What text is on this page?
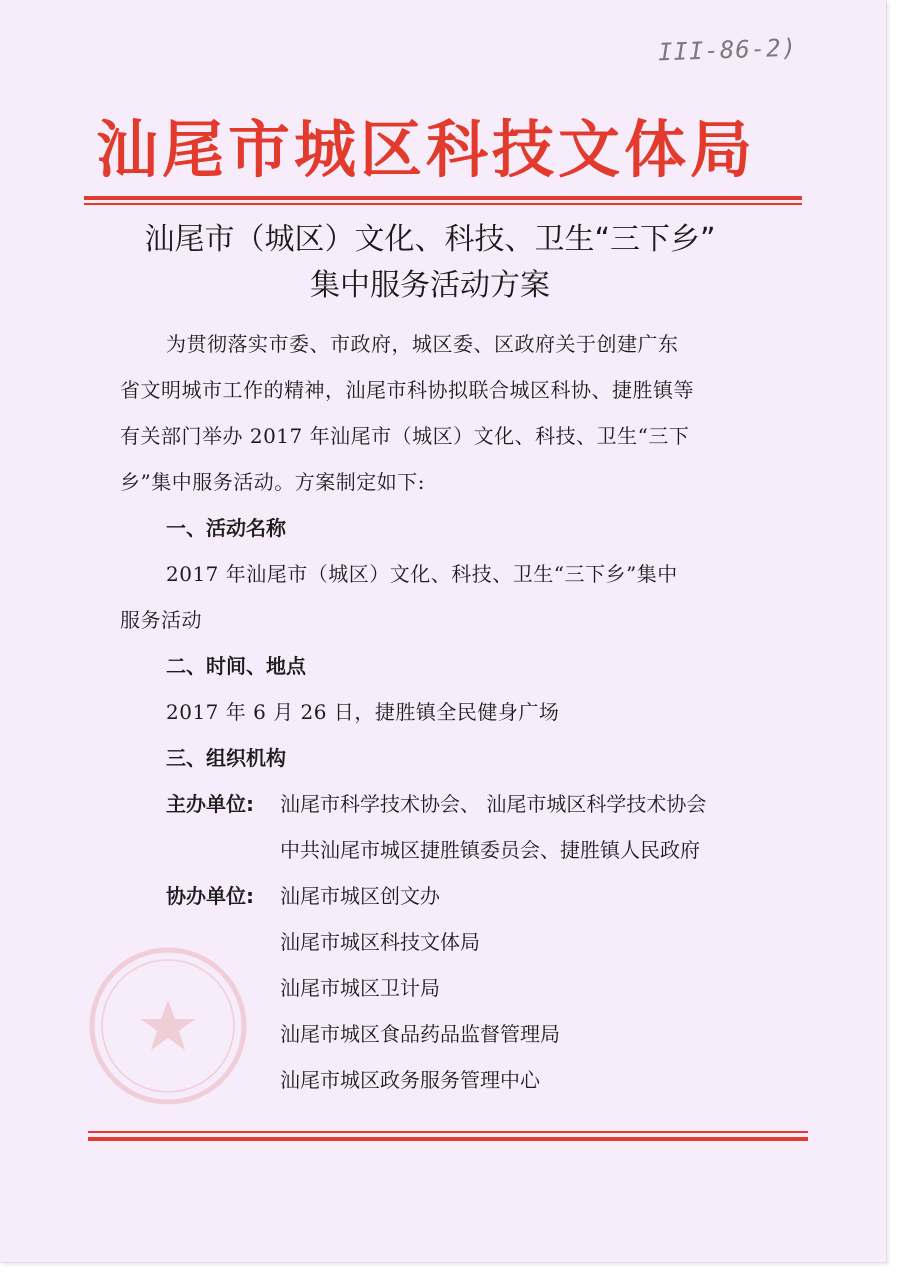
III-86-2)
汕尾市城区科技文体局
汕尾市（城区）文化、科技、卫生“三下乡”
集中服务活动方案
为贯彻落实市委、市政府，城区委、区政府关于创建广东
省文明城市工作的精神，汕尾市科协拟联合城区科协、捷胜镇等
有关部门举办 2017 年汕尾市（城区）文化、科技、卫生“三下
乡”集中服务活动。方案制定如下:
一、活动名称
2017 年汕尾市（城区）文化、科技、卫生“三下乡”集中
服务活动
二、时间、地点
2017 年 6 月 26 日，捷胜镇全民健身广场
三、组织机构
主办单位: 汕尾市科学技术协会、 汕尾市城区科学技术协会
中共汕尾市城区捷胜镇委员会、捷胜镇人民政府
协办单位: 汕尾市城区创文办
汕尾市城区科技文体局
汕尾市城区卫计局
汕尾市城区食品药品监督管理局
汕尾市城区政务服务管理中心
